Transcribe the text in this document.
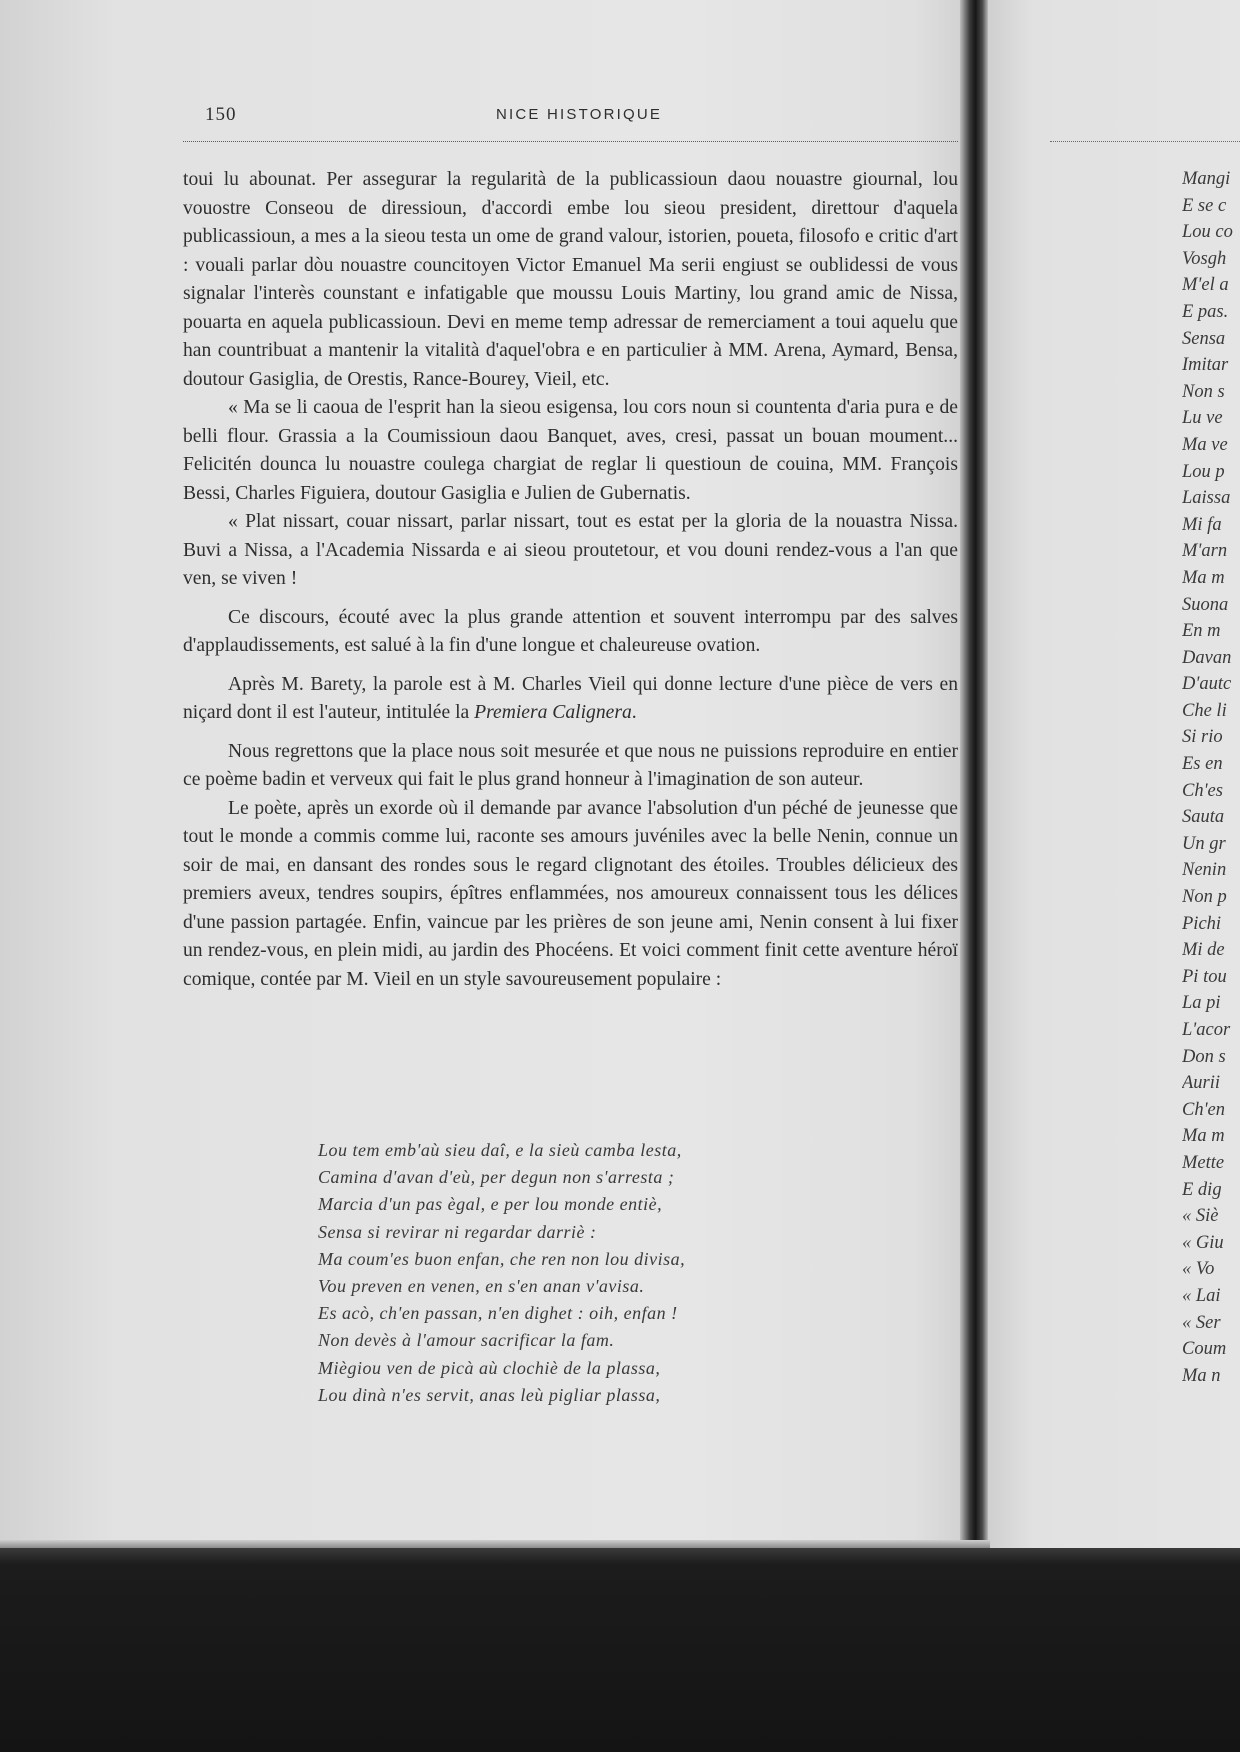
150	NICE HISTORIQUE

toui lu abounat. Per assegurar la regularità de la publicassioun daou nouastre giournal, lou vouostre Conseou de diressioun, d'accordi embe lou sieou president, direttour d'aquela publicassioun, a mes a la sieou testa un ome de grand valour, istorien, poueta, filosofo e critic d'art : vouali parlar dòu nouastre councitoyen Victor Emanuel Ma serii engiust se oublidessi de vous signalar l'interès counstant e infatigable que moussu Louis Martiny, lou grand amic de Nissa, pouarta en aquela publicassioun. Devi en meme temp adressar de remerciament a toui aquelu que han countribuat a mantenir la vitalità d'aquel'obra e en particulier à MM. Arena, Aymard, Bensa, doutour Gasiglia, de Orestis, Rance-Bourey, Vieil, etc.

« Ma se li caoua de l'esprit han la sieou esigensa, lou cors noun si countenta d'aria pura e de belli flour. Grassia a la Coumissioun daou Banquet, aves, cresi, passat un bouan moument... Felicitén dounca lu nouastre coulega chargiat de reglar li questioun de couina, MM. François Bessi, Charles Figuiera, doutour Gasiglia e Julien de Gubernatis.

« Plat nissart, couar nissart, parlar nissart, tout es estat per la gloria de la nouastra Nissa. Buvi a Nissa, a l'Academia Nissarda e ai sieou proutetour, et vou douni rendez-vous a l'an que ven, se viven !

Ce discours, écouté avec la plus grande attention et souvent interrompu par des salves d'applaudissements, est salué à la fin d'une longue et chaleureuse ovation.

Après M. Barety, la parole est à M. Charles Vieil qui donne lecture d'une pièce de vers en niçard dont il est l'auteur, intitulée la Premiera Calignera.

Nous regrettons que la place nous soit mesurée et que nous ne puissions reproduire en entier ce poème badin et verveux qui fait le plus grand honneur à l'imagination de son auteur.

Le poète, après un exorde où il demande par avance l'absolution d'un péché de jeunesse que tout le monde a commis comme lui, raconte ses amours juvéniles avec la belle Nenin, connue un soir de mai, en dansant des rondes sous le regard clignotant des étoiles. Troubles délicieux des premiers aveux, tendres soupirs, épîtres enflammées, nos amoureux connaissent tous les délices d'une passion partagée. Enfin, vaincue par les prières de son jeune ami, Nenin consent à lui fixer un rendez-vous, en plein midi, au jardin des Phocéens. Et voici comment finit cette aventure héroï comique, contée par M. Vieil en un style savoureusement populaire :

Lou tem emb'aù sieu daî, e la sieù camba lesta,
Camina d'avan d'eù, per degun non s'arresta ;
Marcia d'un pas ègal, e per lou monde entiè,
Sensa si revirar ni regardar darriè :
Ma coum'es buon enfan, che ren non lou divisa,
Vou preven en venen, en s'en anan v'avisa.
Es acò, ch'en passan, n'en dighet : oih, enfan !
Non devès à l'amour sacrificar la fam.
Miègiou ven de picà aù clochiè de la plassa,
Lou dinà n'es servit, anas leù pigliar plassa,
Mangi
E se c
Lou co
Vosgh
M'el a
E pas.
Sensa
Imitar
Non s
Lu ve
Ma ve
Lou p
Laissa
Mi fa
M'arn
Ma m
Suona
En m
Davan
D'autc
Che li
Si rio
Es en
Ch'es
Sauta
Un gr
Nenin
Non p
Pichi
Mi de
Pi tou
La pi
L'acor
Don s
Aurii
Ch'en
Ma m
Mette
E dig
« Siè
« Giu
« Vo
« Lai
« Ser
Coum
Ma n
